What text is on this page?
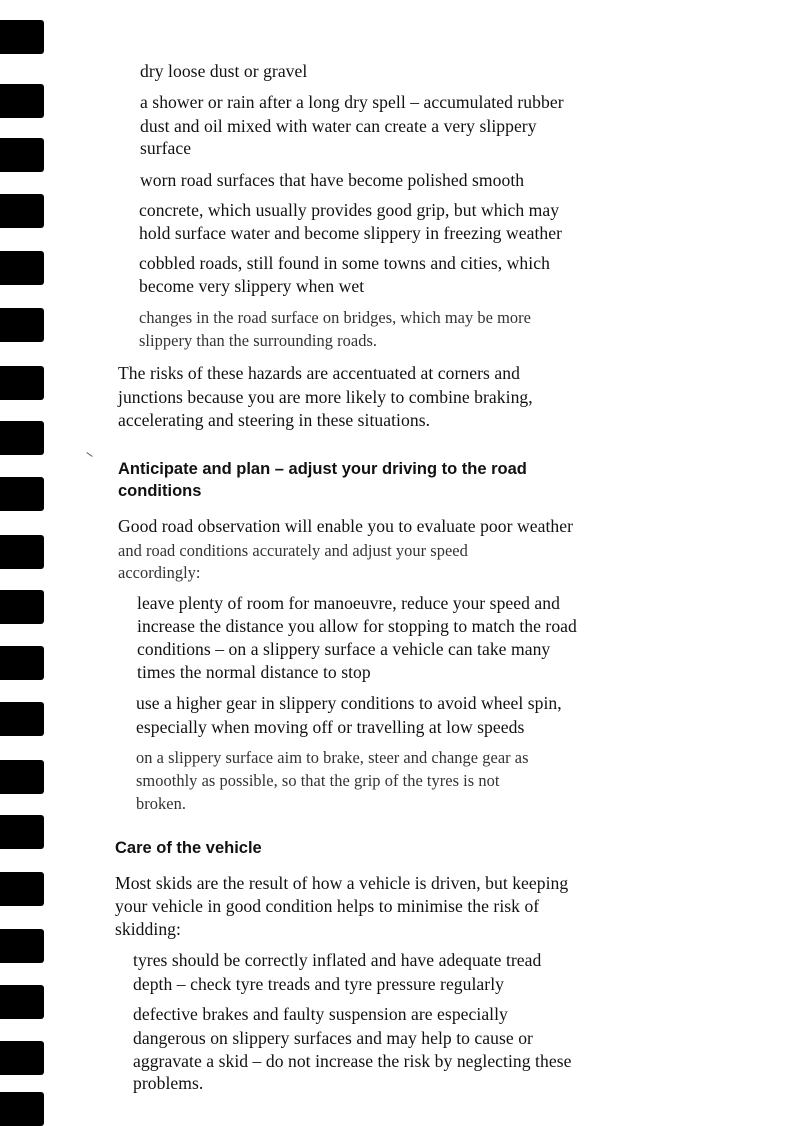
dry loose dust or gravel
a shower or rain after a long dry spell – accumulated rubber
dust and oil mixed with water can create a very slippery
surface
worn road surfaces that have become polished smooth
concrete, which usually provides good grip, but which may
hold surface water and become slippery in freezing weather
cobbled roads, still found in some towns and cities, which
become very slippery when wet
changes in the road surface on bridges, which may be more
slippery than the surrounding roads.
The risks of these hazards are accentuated at corners and
junctions because you are more likely to combine braking,
accelerating and steering in these situations.
Anticipate and plan – adjust your driving to the road
conditions
Good road observation will enable you to evaluate poor weather
and road conditions accurately and adjust your speed
accordingly:
leave plenty of room for manoeuvre, reduce your speed and
increase the distance you allow for stopping to match the road
conditions – on a slippery surface a vehicle can take many
times the normal distance to stop
use a higher gear in slippery conditions to avoid wheel spin,
especially when moving off or travelling at low speeds
on a slippery surface aim to brake, steer and change gear as
smoothly as possible, so that the grip of the tyres is not
broken.
Care of the vehicle
Most skids are the result of how a vehicle is driven, but keeping
your vehicle in good condition helps to minimise the risk of
skidding:
tyres should be correctly inflated and have adequate tread
depth – check tyre treads and tyre pressure regularly
defective brakes and faulty suspension are especially
dangerous on slippery surfaces and may help to cause or
aggravate a skid – do not increase the risk by neglecting these
problems.
